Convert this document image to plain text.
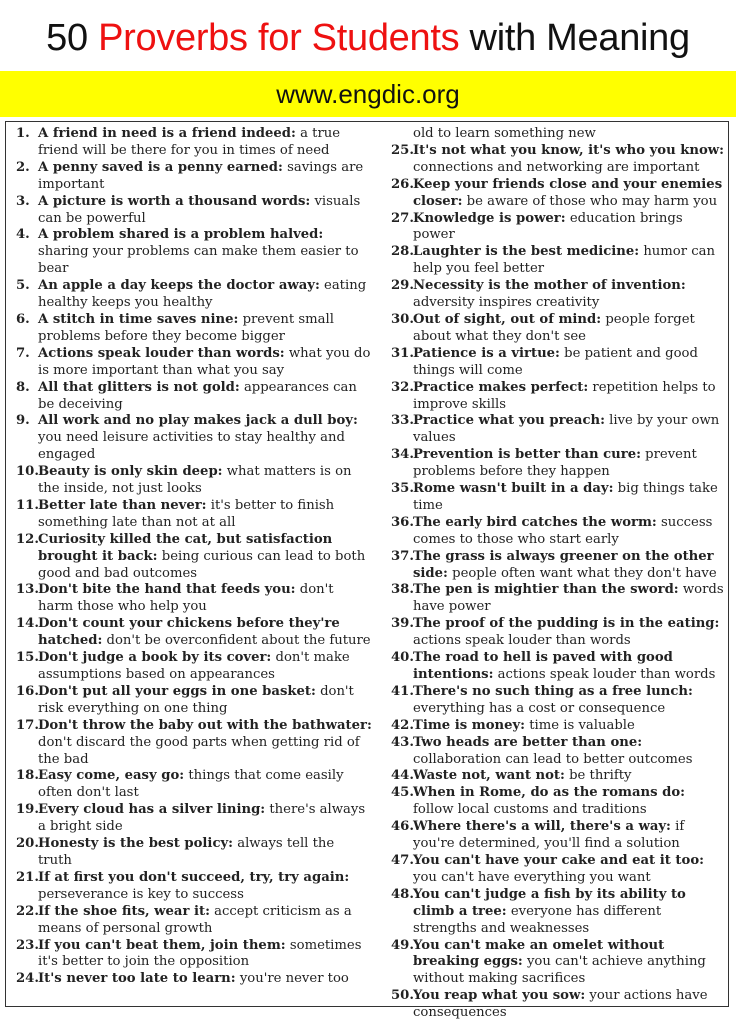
50 Proverbs for Students with Meaning
www.engdic.org
1. A friend in need is a friend indeed: a true friend will be there for you in times of need
2. A penny saved is a penny earned: savings are important
3. A picture is worth a thousand words: visuals can be powerful
4. A problem shared is a problem halved: sharing your problems can make them easier to bear
5. An apple a day keeps the doctor away: eating healthy keeps you healthy
6. A stitch in time saves nine: prevent small problems before they become bigger
7. Actions speak louder than words: what you do is more important than what you say
8. All that glitters is not gold: appearances can be deceiving
9. All work and no play makes jack a dull boy: you need leisure activities to stay healthy and engaged
10. Beauty is only skin deep: what matters is on the inside, not just looks
11. Better late than never: it's better to finish something late than not at all
12. Curiosity killed the cat, but satisfaction brought it back: being curious can lead to both good and bad outcomes
13. Don't bite the hand that feeds you: don't harm those who help you
14. Don't count your chickens before they're hatched: don't be overconfident about the future
15. Don't judge a book by its cover: don't make assumptions based on appearances
16. Don't put all your eggs in one basket: don't risk everything on one thing
17. Don't throw the baby out with the bathwater: don't discard the good parts when getting rid of the bad
18. Easy come, easy go: things that come easily often don't last
19. Every cloud has a silver lining: there's always a bright side
20. Honesty is the best policy: always tell the truth
21. If at first you don't succeed, try, try again: perseverance is key to success
22. If the shoe fits, wear it: accept criticism as a means of personal growth
23. If you can't beat them, join them: sometimes it's better to join the opposition
24. It's never too late to learn: you're never too
old to learn something new
25. It's not what you know, it's who you know: connections and networking are important
26. Keep your friends close and your enemies closer: be aware of those who may harm you
27. Knowledge is power: education brings power
28. Laughter is the best medicine: humor can help you feel better
29. Necessity is the mother of invention: adversity inspires creativity
30. Out of sight, out of mind: people forget about what they don't see
31. Patience is a virtue: be patient and good things will come
32. Practice makes perfect: repetition helps to improve skills
33. Practice what you preach: live by your own values
34. Prevention is better than cure: prevent problems before they happen
35. Rome wasn't built in a day: big things take time
36. The early bird catches the worm: success comes to those who start early
37. The grass is always greener on the other side: people often want what they don't have
38. The pen is mightier than the sword: words have power
39. The proof of the pudding is in the eating: actions speak louder than words
40. The road to hell is paved with good intentions: actions speak louder than words
41. There's no such thing as a free lunch: everything has a cost or consequence
42. Time is money: time is valuable
43. Two heads are better than one: collaboration can lead to better outcomes
44. Waste not, want not: be thrifty
45. When in Rome, do as the romans do: follow local customs and traditions
46. Where there's a will, there's a way: if you're determined, you'll find a solution
47. You can't have your cake and eat it too: you can't have everything you want
48. You can't judge a fish by its ability to climb a tree: everyone has different strengths and weaknesses
49. You can't make an omelet without breaking eggs: you can't achieve anything without making sacrifices
50. You reap what you sow: your actions have consequences
